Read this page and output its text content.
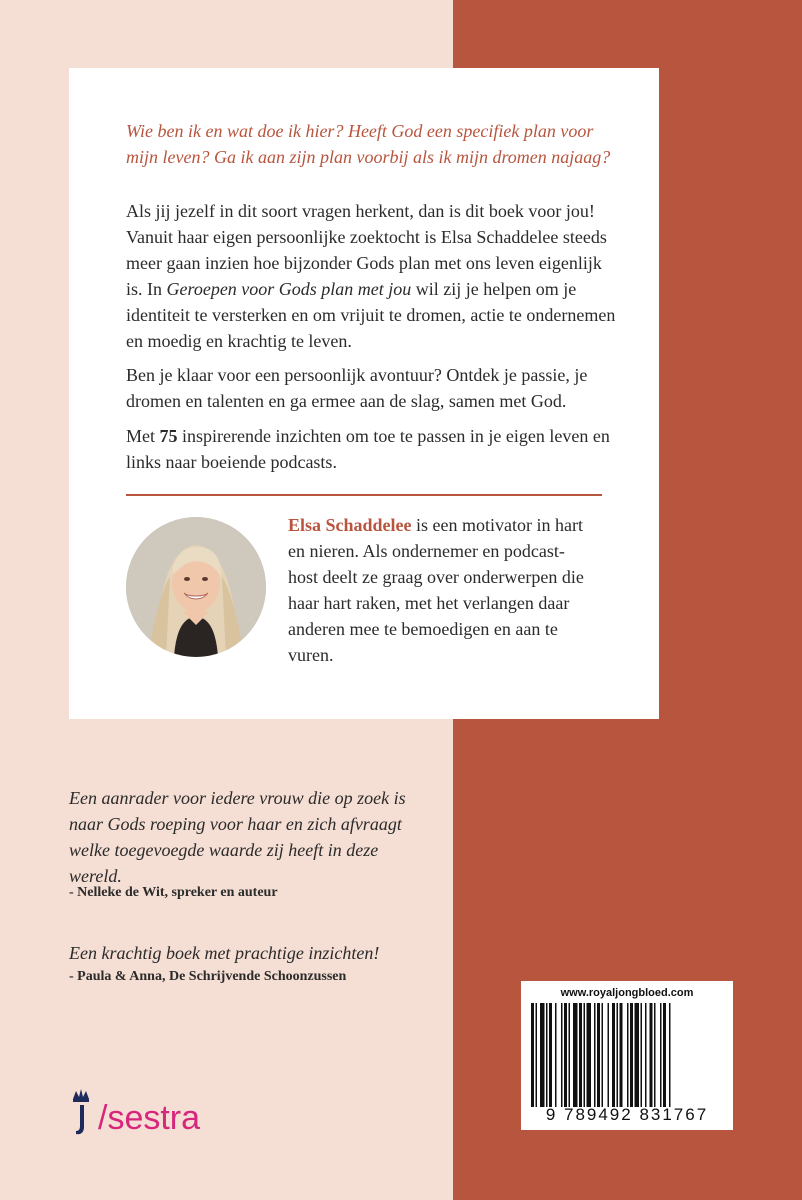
Wie ben ik en wat doe ik hier? Heeft God een specifiek plan voor mijn leven? Ga ik aan zijn plan voorbij als ik mijn dromen najaag?

Als jij jezelf in dit soort vragen herkent, dan is dit boek voor jou! Vanuit haar eigen persoonlijke zoektocht is Elsa Schaddelee steeds meer gaan inzien hoe bijzonder Gods plan met ons leven eigenlijk is. In Geroepen voor Gods plan met jou wil zij je helpen om je identiteit te versterken en om vrijuit te dromen, actie te ondernemen en moedig en krachtig te leven.

Ben je klaar voor een persoonlijk avontuur? Ontdek je passie, je dromen en talenten en ga ermee aan de slag, samen met God.

Met 75 inspirerende inzichten om toe te passen in je eigen leven en links naar boeiende podcasts.

Elsa Schaddelee is een motivator in hart en nieren. Als ondernemer en podcast-host deelt ze graag over onderwerpen die haar hart raken, met het verlangen daar anderen mee te bemoedigen en aan te vuren.

Een aanrader voor iedere vrouw die op zoek is naar Gods roeping voor haar en zich afvraagt welke toegevoegde waarde zij heeft in deze wereld.

- Nelleke de Wit, spreker en auteur

Een krachtig boek met prachtige inzichten!

- Paula & Anna, De Schrijvende Schoonzussen

www.royaljongbloed.com

9 789492 831767

/sestra
